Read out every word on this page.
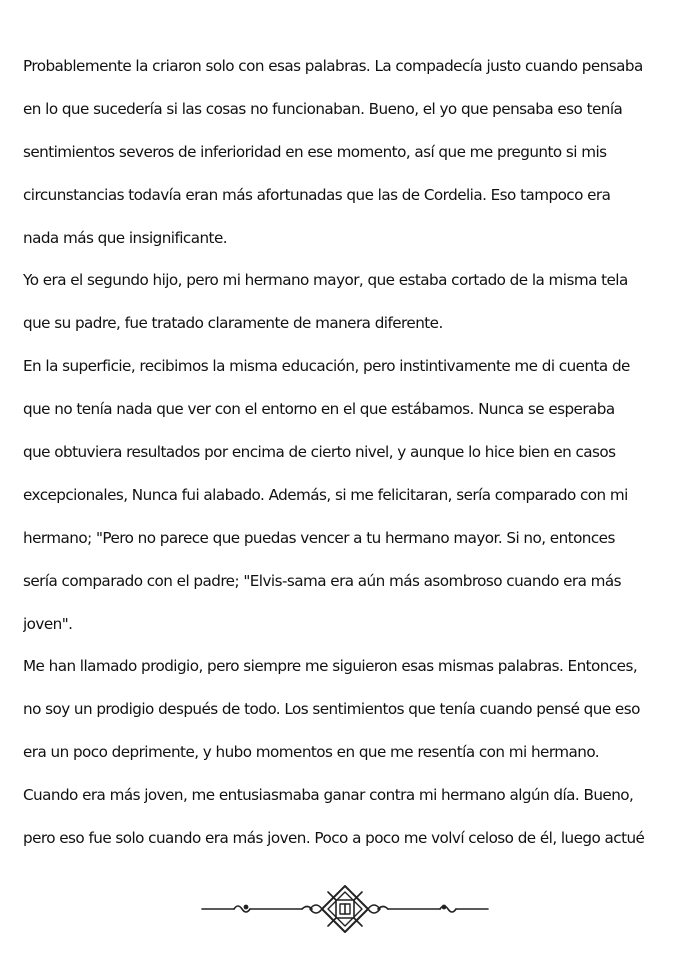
Probablemente la criaron solo con esas palabras. La compadecía justo cuando pensaba
en lo que sucedería si las cosas no funcionaban. Bueno, el yo que pensaba eso tenía
sentimientos severos de inferioridad en ese momento, así que me pregunto si mis
circunstancias todavía eran más afortunadas que las de Cordelia. Eso tampoco era
nada más que insignificante.
Yo era el segundo hijo, pero mi hermano mayor, que estaba cortado de la misma tela
que su padre, fue tratado claramente de manera diferente.
En la superficie, recibimos la misma educación, pero instintivamente me di cuenta de
que no tenía nada que ver con el entorno en el que estábamos. Nunca se esperaba
que obtuviera resultados por encima de cierto nivel, y aunque lo hice bien en casos
excepcionales, Nunca fui alabado. Además, si me felicitaran, sería comparado con mi
hermano; "Pero no parece que puedas vencer a tu hermano mayor. Si no, entonces
sería comparado con el padre; "Elvis-sama era aún más asombroso cuando era más
joven".
Me han llamado prodigio, pero siempre me siguieron esas mismas palabras. Entonces,
no soy un prodigio después de todo. Los sentimientos que tenía cuando pensé que eso
era un poco deprimente, y hubo momentos en que me resentía con mi hermano.
Cuando era más joven, me entusiasmaba ganar contra mi hermano algún día. Bueno,
pero eso fue solo cuando era más joven. Poco a poco me volví celoso de él, luego actué
